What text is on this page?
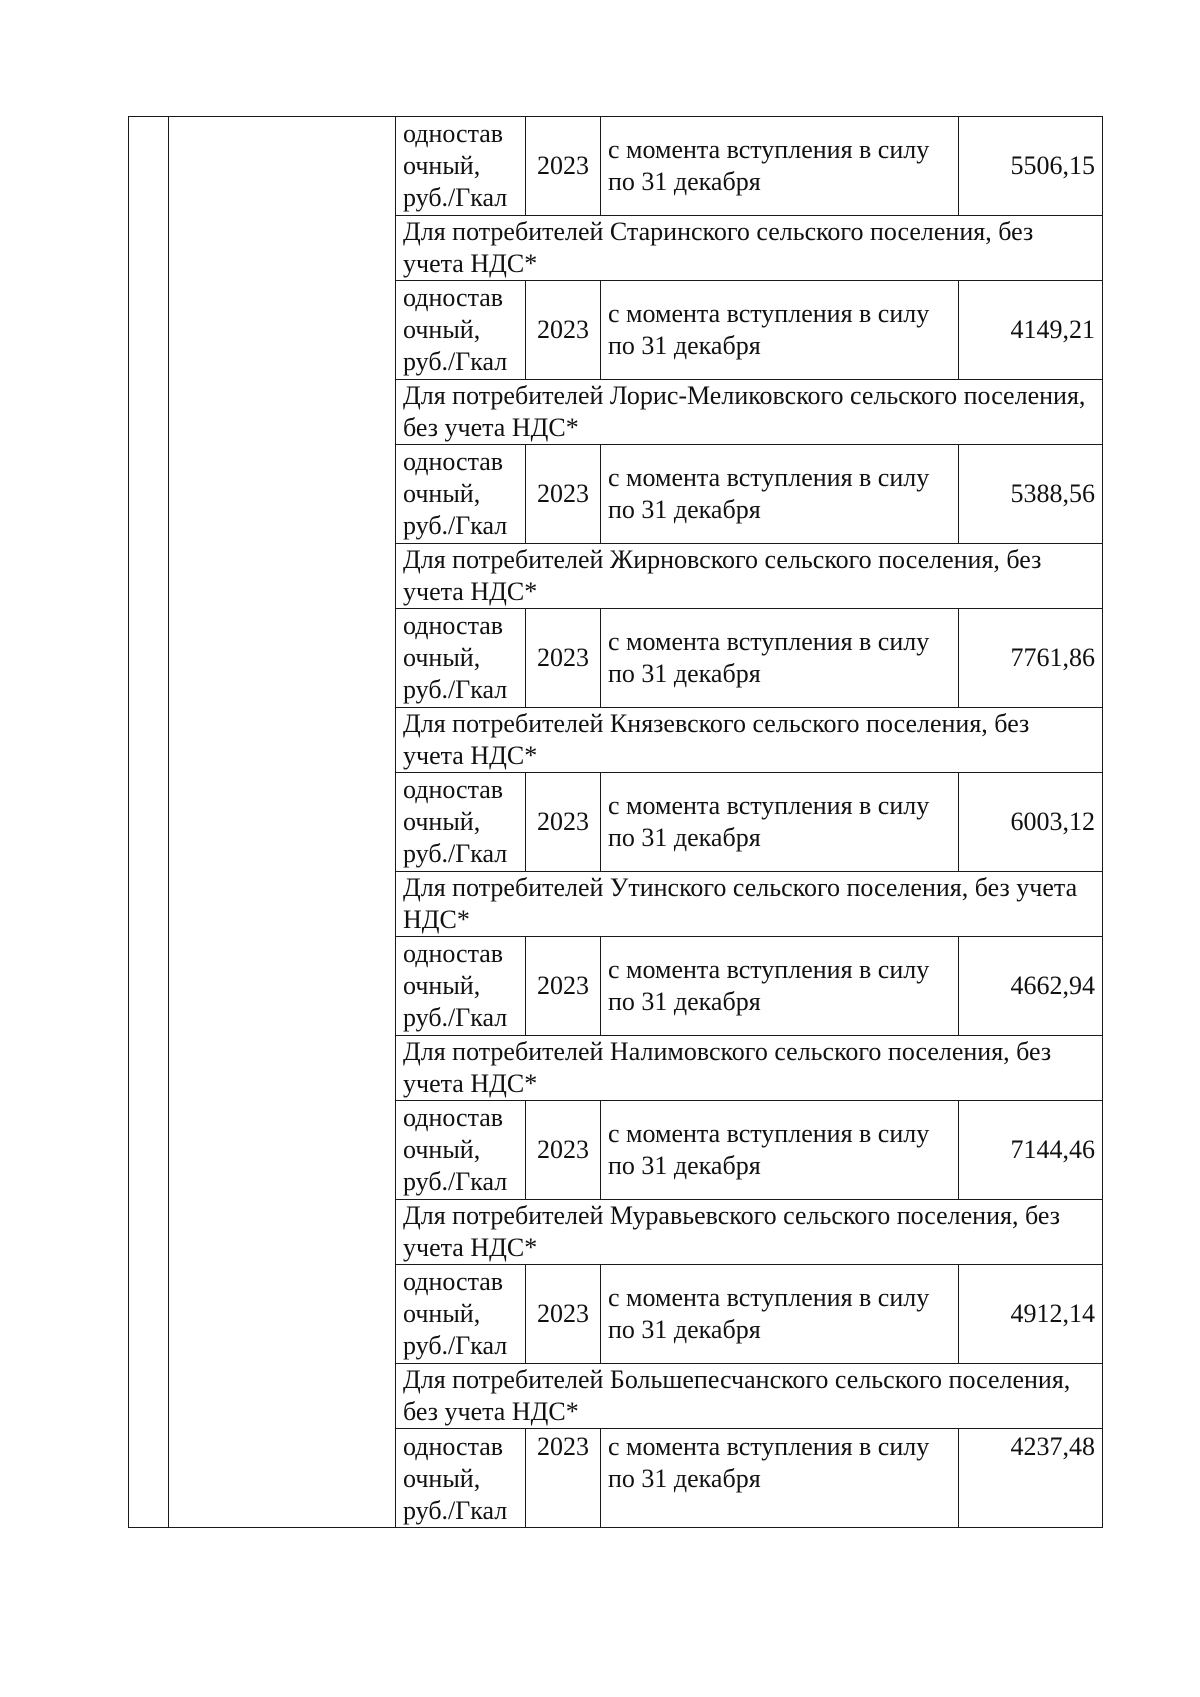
		одностав
очный,
руб./Гкал	2023	с момента вступления в силу по 31 декабря	5506,15
		Для потребителей Старинского сельского поселения, без учета НДС*			

		одностав
очный,
руб./Гкал	2023	с момента вступления в силу по 31 декабря	4149,21
		Для потребителей Лорис-Меликовского сельского поселения, без учета НДС*			

		одностав
очный,
руб./Гкал	2023	с момента вступления в силу по 31 декабря	5388,56
		Для потребителей Жирновского сельского поселения, без учета НДС*			

		одностав
очный,
руб./Гкал	2023	с момента вступления в силу по 31 декабря	7761,86
		Для потребителей Князевского сельского поселения, без учета НДС*			

		одностав
очный,
руб./Гкал	2023	с момента вступления в силу по 31 декабря	6003,12
		Для потребителей Утинского сельского поселения, без учета НДС*			

		одностав
очный,
руб./Гкал	2023	с момента вступления в силу по 31 декабря	4662,94
		Для потребителей Налимовского сельского поселения, без учета НДС*			

		одностав
очный,
руб./Гкал	2023	с момента вступления в силу по 31 декабря	7144,46
		Для потребителей Муравьевского сельского поселения, без учета НДС*			

		одностав
очный,
руб./Гкал	2023	с момента вступления в силу по 31 декабря	4912,14
		Для потребителей Большепесчанского сельского поселения, без учета НДС*			

		одностав
очный,
руб./Гкал	2023	с момента вступления в силу по 31 декабря	4237,48
